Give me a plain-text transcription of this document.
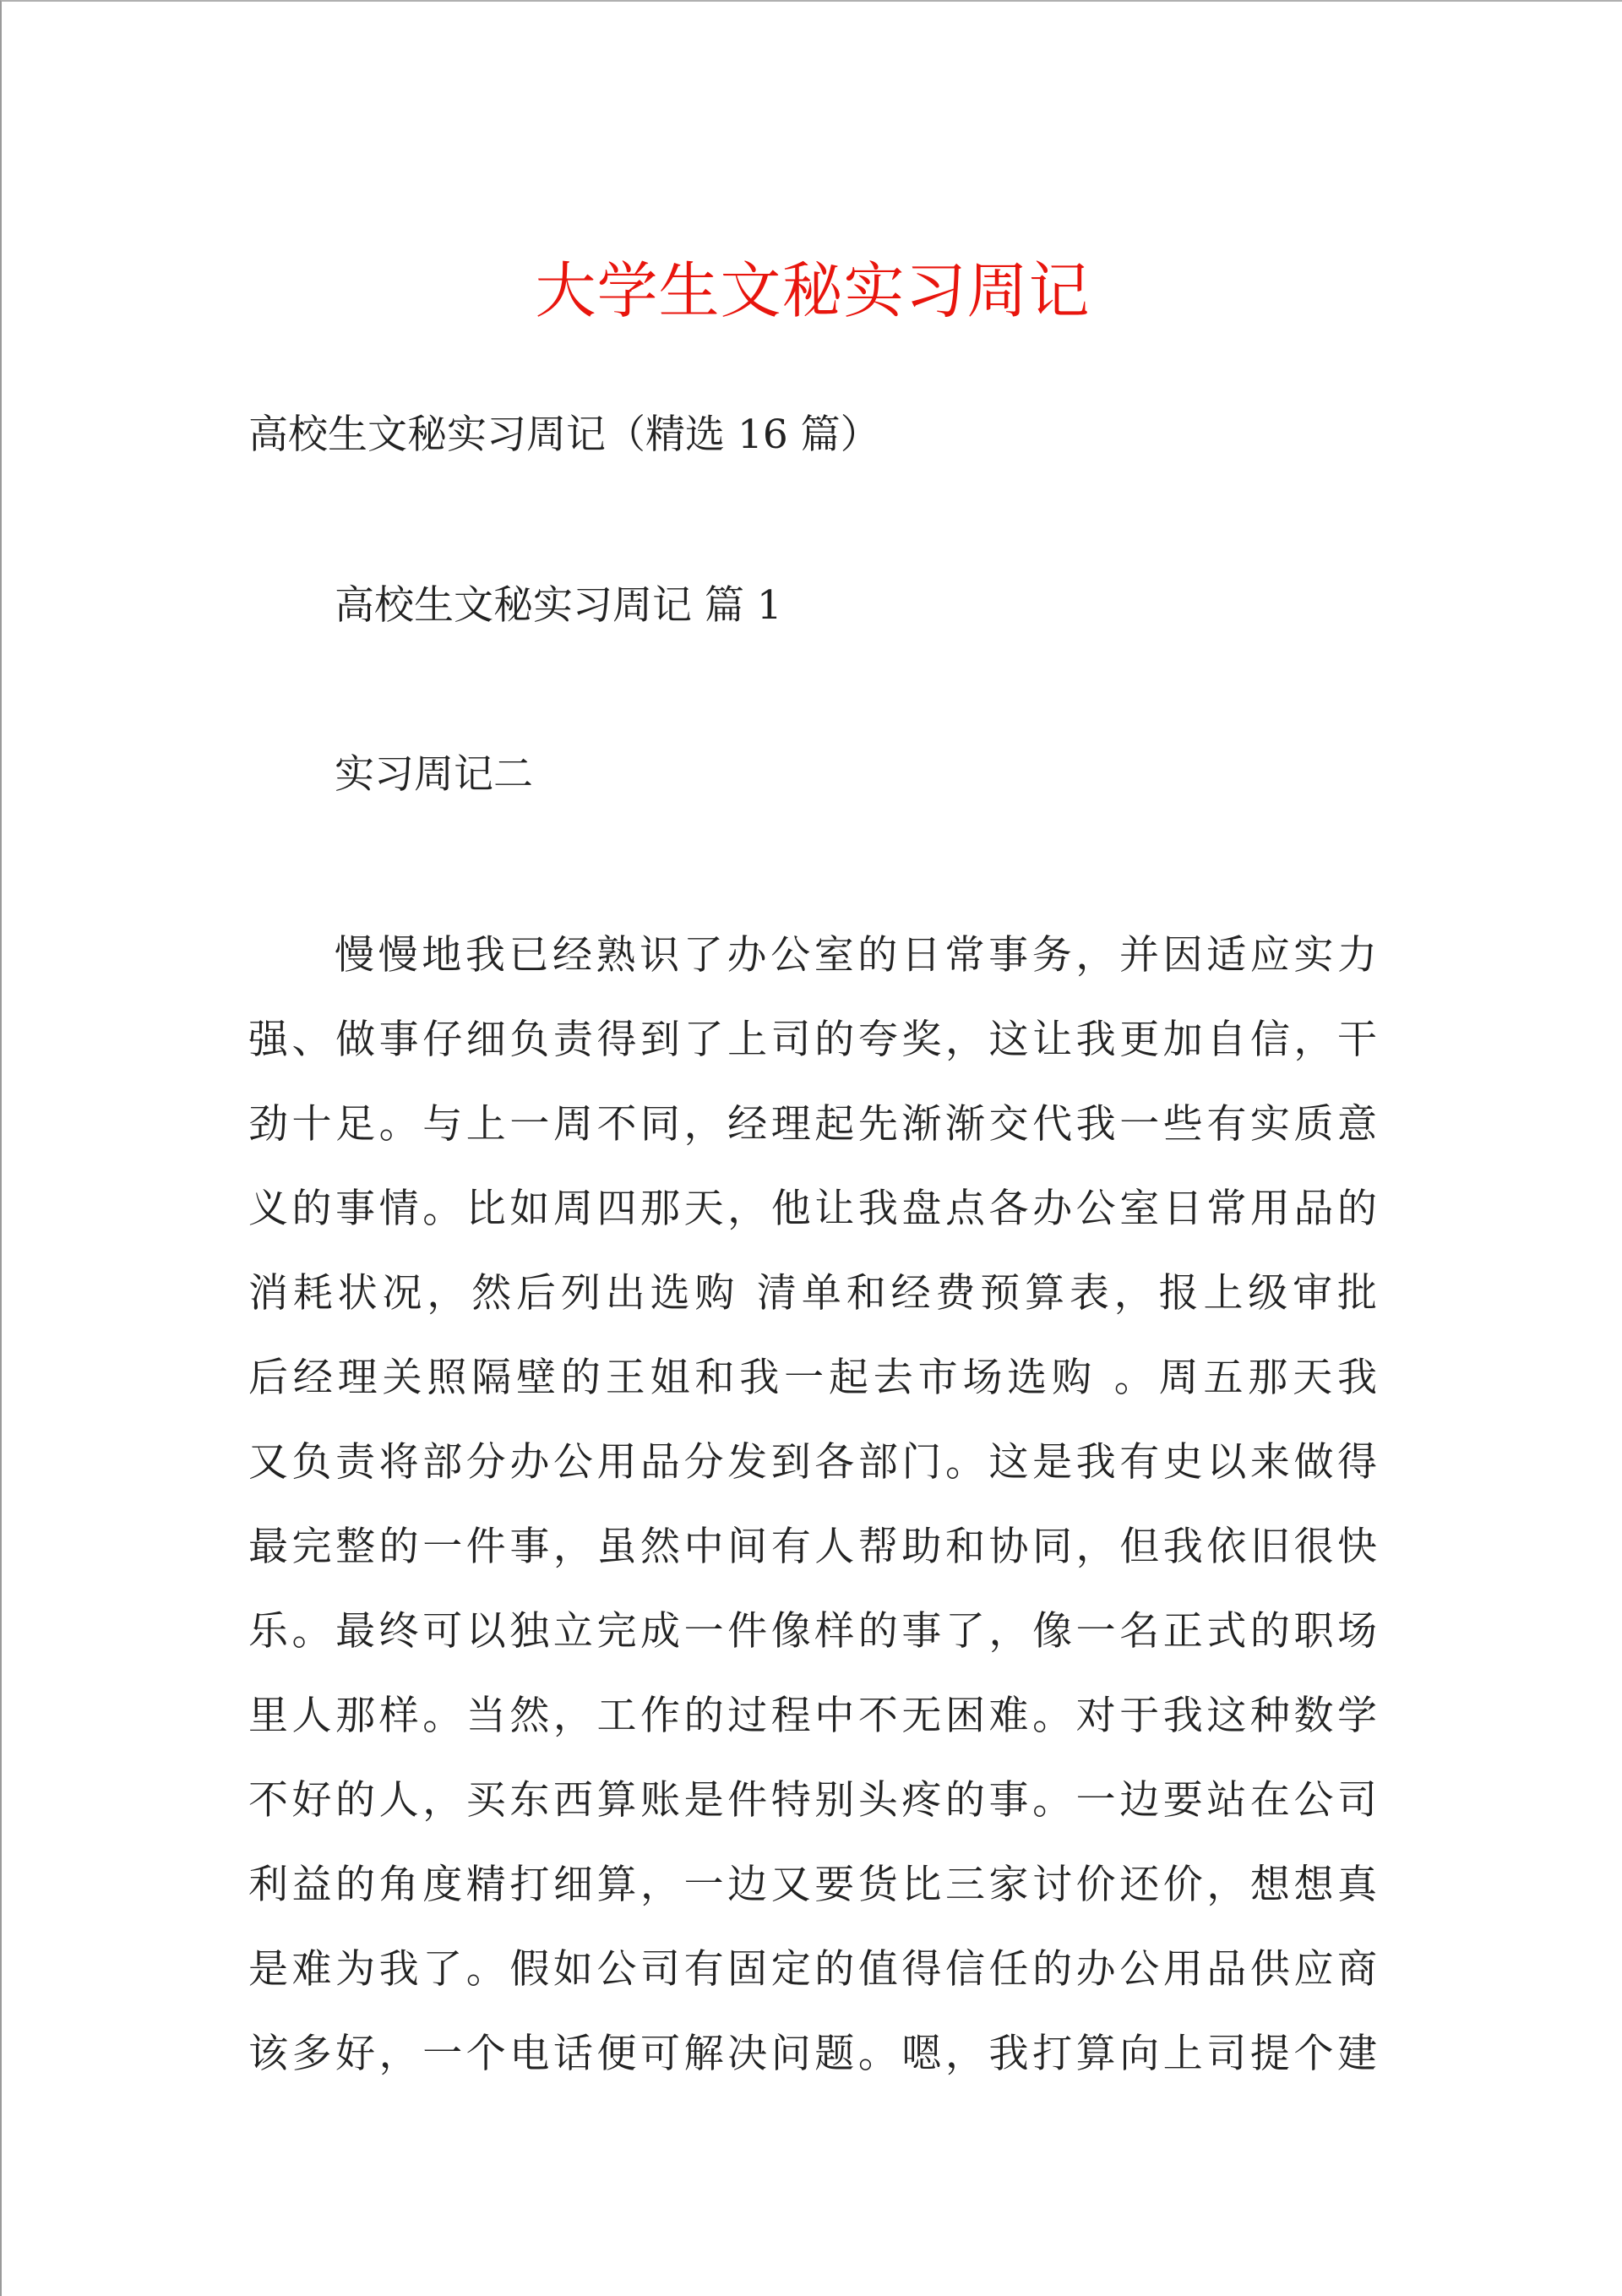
大学生文秘实习周记

高校生文秘实习周记（精选 16 篇）

高校生文秘实习周记 篇 1

实习周记二

慢慢地我已经熟识了办公室的日常事务，并因适应实力
强、做事仔细负责得到了上司的夸奖，这让我更加自信，干
劲十足。与上一周不同，经理起先渐渐交代我一些有实质意
义的事情。比如周四那天，他让我盘点各办公室日常用品的
消耗状况，然后列出选购 清单和经费预算表，报上级审批
后经理关照隔壁的王姐和我一起去市场选购 。周五那天我
又负责将部分办公用品分发到各部门。这是我有史以来做得
最完整的一件事，虽然中间有人帮助和协同，但我依旧很快
乐。最终可以独立完成一件像样的事了，像一名正式的职场
里人那样。当然，工作的过程中不无困难。对于我这种数学
不好的人，买东西算账是件特别头疼的事。一边要站在公司
利益的角度精打细算，一边又要货比三家讨价还价，想想真
是难为我了。假如公司有固定的值得信任的办公用品供应商
该多好，一个电话便可解决问题。嗯，我打算向上司提个建
